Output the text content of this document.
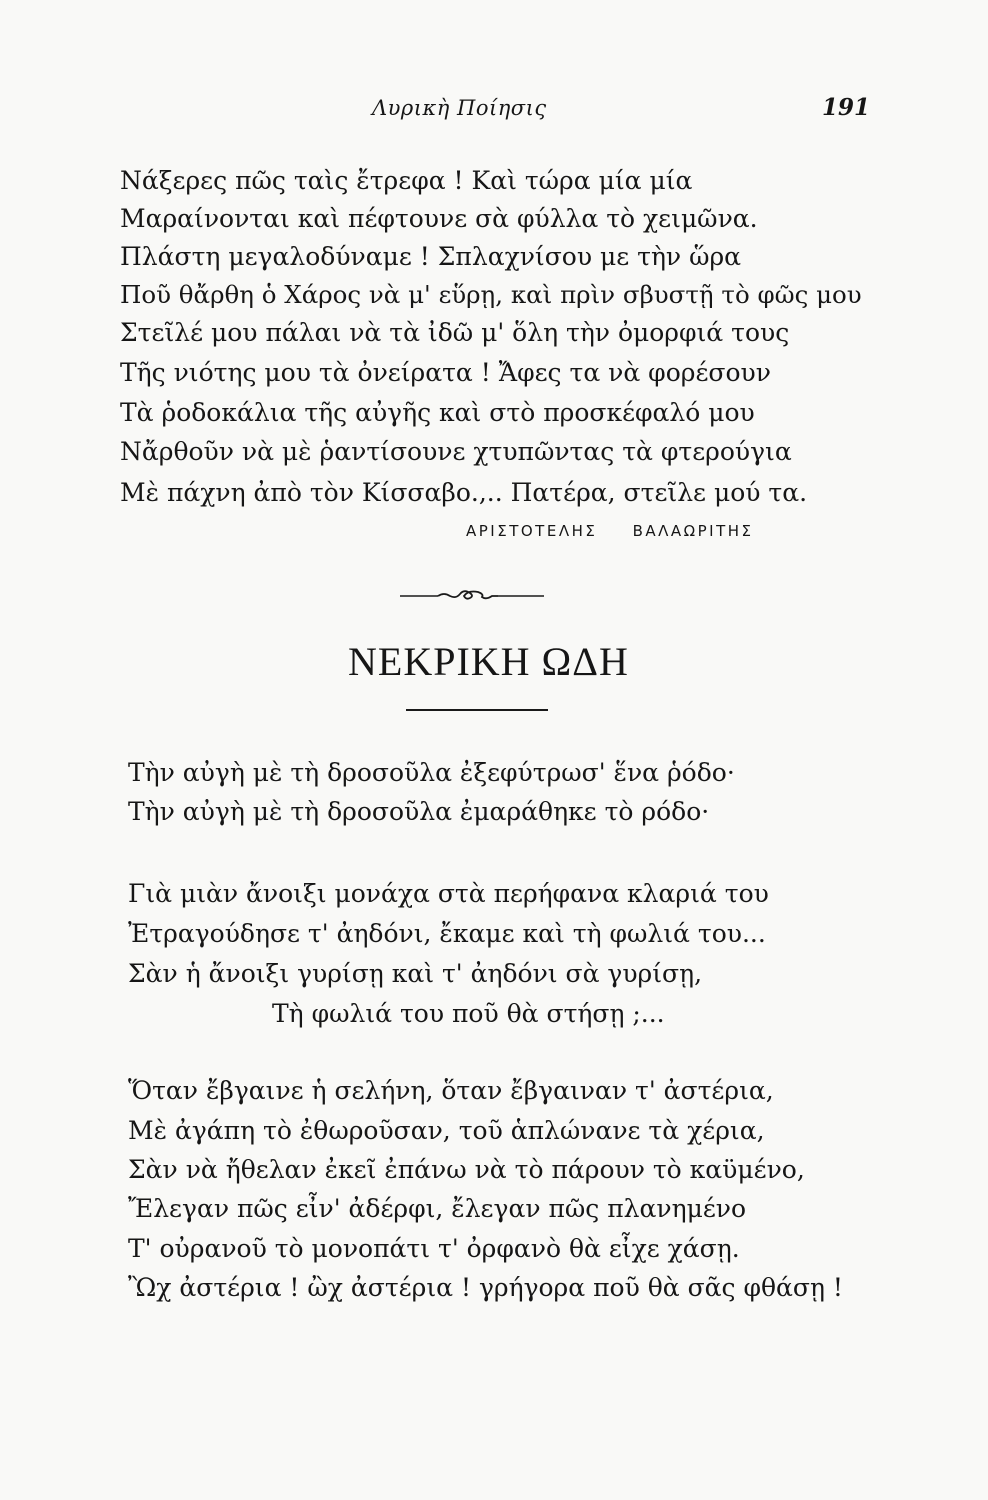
Λυρικὴ Ποίησις	191
Νάξερες πῶς ταὶς ἔτρεφα ! Καὶ τώρα μία μία
Μαραίνονται καὶ πέφτουνε σὰ φύλλα τὸ χειμῶνα.
Πλάστη μεγαλοδύναμε ! Σπλαχνίσου με τὴν ὥρα
Ποῦ θἄρθη ὁ Χάρος νὰ μ' εὕρῃ, καὶ πρὶν σβυστῇ τὸ φῶς μου
Στεῖλέ μου πάλαι νὰ τὰ ἰδῶ μ' ὅλη τὴν ὀμορφιά τους
Τῆς νιότης μου τὰ ὀνείρατα ! Ἄφες τα νὰ φορέσουν
Τὰ ῥοδοκάλια τῆς αὐγῆς καὶ στὸ προσκέφαλό μου
Νἄρθοῦν νὰ μὲ ῥαντίσουνε χτυπῶντας τὰ φτερούγια
Μὲ πάχνη ἀπὸ τὸν Κίσσαβο.,.. Πατέρα, στεῖλε μού τα.
ΑΡΙΣΤΟΤΕΛΗΣ ΒΑΛΑΩΡΙΤΗΣ
ΝΕΚΡΙΚΗ ΩΔΗ
Τὴν αὐγὴ μὲ τὴ δροσοῦλα ἐξεφύτρωσ' ἕνα ῥόδο·
Τὴν αὐγὴ μὲ τὴ δροσοῦλα ἐμαράθηκε τὸ ρόδο·
Γιὰ μιὰν ἄνοιξι μονάχα στὰ περήφανα κλαριά του
Ἐτραγούδησε τ' ἀηδόνι, ἔκαμε καὶ τὴ φωλιά του...
Σὰν ἡ ἄνοιξι γυρίσῃ καὶ τ' ἀηδόνι σὰ γυρίσῃ,
Τὴ φωλιά του ποῦ θὰ στήσῃ ;...
Ὅταν ἔβγαινε ἡ σελήνη, ὅταν ἔβγαιναν τ' ἀστέρια,
Μὲ ἀγάπη τὸ ἐθωροῦσαν, τοῦ ἁπλώνανε τὰ χέρια,
Σὰν νὰ ἤθελαν ἐκεῖ ἐπάνω νὰ τὸ πάρουν τὸ καϋμένο,
Ἔλεγαν πῶς εἶν' ἀδέρφι, ἔλεγαν πῶς πλανημένο
Τ' οὐρανοῦ τὸ μονοπάτι τ' ὀρφανὸ θὰ εἶχε χάσῃ.
Ὢχ ἀστέρια ! ὢχ ἀστέρια ! γρήγορα ποῦ θὰ σᾶς φθάσῃ !
